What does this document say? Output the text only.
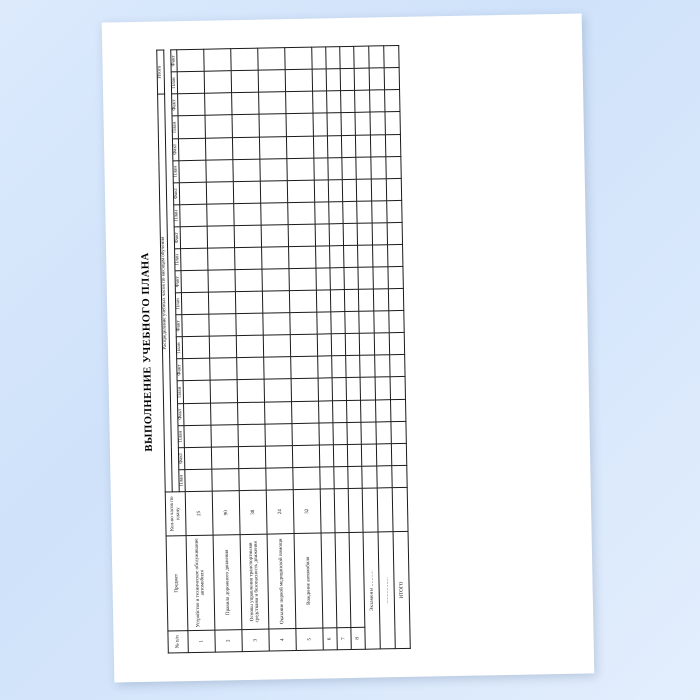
ВЫПОЛНЕНИЕ УЧЕБНОГО ПЛАНА
№ п/п	Предмет	Кол-во часов по плану	Распределение учебных часов по месяцам обучения																		Итого	

			План	Факт	План	Факт	План	Факт	План	Факт	План	Факт	План	Факт	План	Факт	План	Факт	План	Факт	План	Факт
1	Устройство и техническое обслуживание автомобиля	25																				
2	Правила дорожного движения	90																				
3	Основы управления транспортными средствами и безопасность движения	38																				
4	Оказание первой медицинской помощи	24																				
5	Вождение автомобиля	32																				
6																						
7																						
8																						
Экзамены ...........																						
..................																						
ИТОГО																						
